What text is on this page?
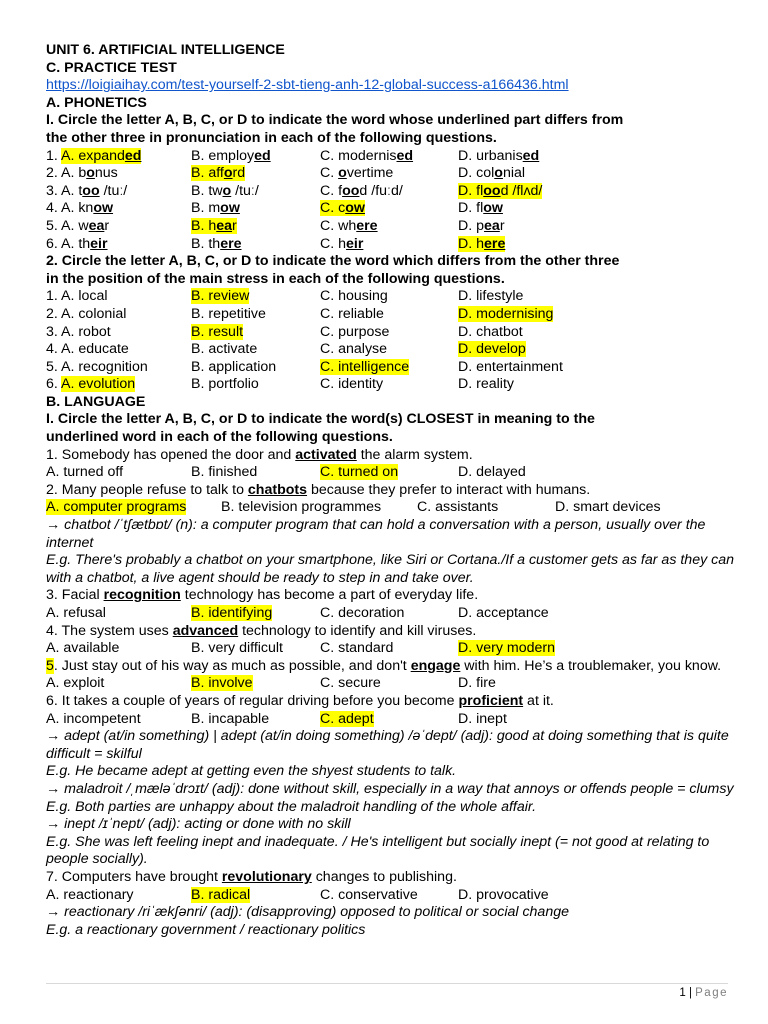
UNIT 6. ARTIFICIAL INTELLIGENCE
C. PRACTICE TEST
https://loigiaihay.com/test-yourself-2-sbt-tieng-anh-12-global-success-a166436.html
A. PHONETICS
I. Circle the letter A, B, C, or D to indicate the word whose underlined part differs from
the other three in pronunciation in each of the following questions.
1. A. expanded	B. employed	C. modernised	D. urbanised
2. A. bonus	B. afford	C. overtime	D. colonial
3. A. too /tuː/	B. two /tuː/	C. food /fuːd/	D. flood /flʌd/
4. A. know	B. mow	C. cow	D. flow
5. A. wear	B. hear	C. where	D. pear
6. A. their	B. there	C. heir	D. here
2. Circle the letter A, B, C, or D to indicate the word which differs from the other three
in the position of the main stress in each of the following questions.
1. A. local	B. review	C. housing	D. lifestyle
2. A. colonial	B. repetitive	C. reliable	D. modernising
3. A. robot	B. result	C. purpose	D. chatbot
4. A. educate	B. activate	C. analyse	D. develop
5. A. recognition	B. application	C. intelligence	D. entertainment
6. A. evolution	B. portfolio	C. identity	D. reality
B. LANGUAGE
I. Circle the letter A, B, C, or D to indicate the word(s) CLOSEST in meaning to the
underlined word in each of the following questions.
1. Somebody has opened the door and activated the alarm system.
A. turned off	B. finished	C. turned on	D. delayed
2. Many people refuse to talk to chatbots because they prefer to interact with humans.
A. computer programs	B. television programmes	C. assistants	D. smart devices
→ chatbot /ˈtʃætbɒt/ (n): a computer program that can hold a conversation with a person, usually over the internet
E.g. There's probably a chatbot on your smartphone, like Siri or Cortana./If a customer gets as far as they can with a chatbot, a live agent should be ready to step in and take over.
3. Facial recognition technology has become a part of everyday life.
A. refusal	B. identifying	C. decoration	D. acceptance
4. The system uses advanced technology to identify and kill viruses.
A. available	B. very difficult	C. standard	D. very modern
5. Just stay out of his way as much as possible, and don't engage with him. He’s a troublemaker, you know.
A. exploit	B. involve	C. secure	D. fire
6. It takes a couple of years of regular driving before you become proficient at it.
A. incompetent	B. incapable	C. adept	D. inept
→ adept (at/in something) | adept (at/in doing something) /əˈdept/ (adj): good at doing something that is quite difficult = skilful
E.g. He became adept at getting even the shyest students to talk.
→ maladroit /ˌmæləˈdrɔɪt/ (adj): done without skill, especially in a way that annoys or offends people = clumsy
E.g. Both parties are unhappy about the maladroit handling of the whole affair.
→ inept /ɪˈnept/ (adj): acting or done with no skill
E.g. She was left feeling inept and inadequate. / He's intelligent but socially inept (= not good at relating to people socially).
7. Computers have brought revolutionary changes to publishing.
A. reactionary	B. radical	C. conservative	D. provocative
→ reactionary /riˈækʃənri/ (adj): (disapproving) opposed to political or social change
E.g. a reactionary government / reactionary politics
1 | Page
